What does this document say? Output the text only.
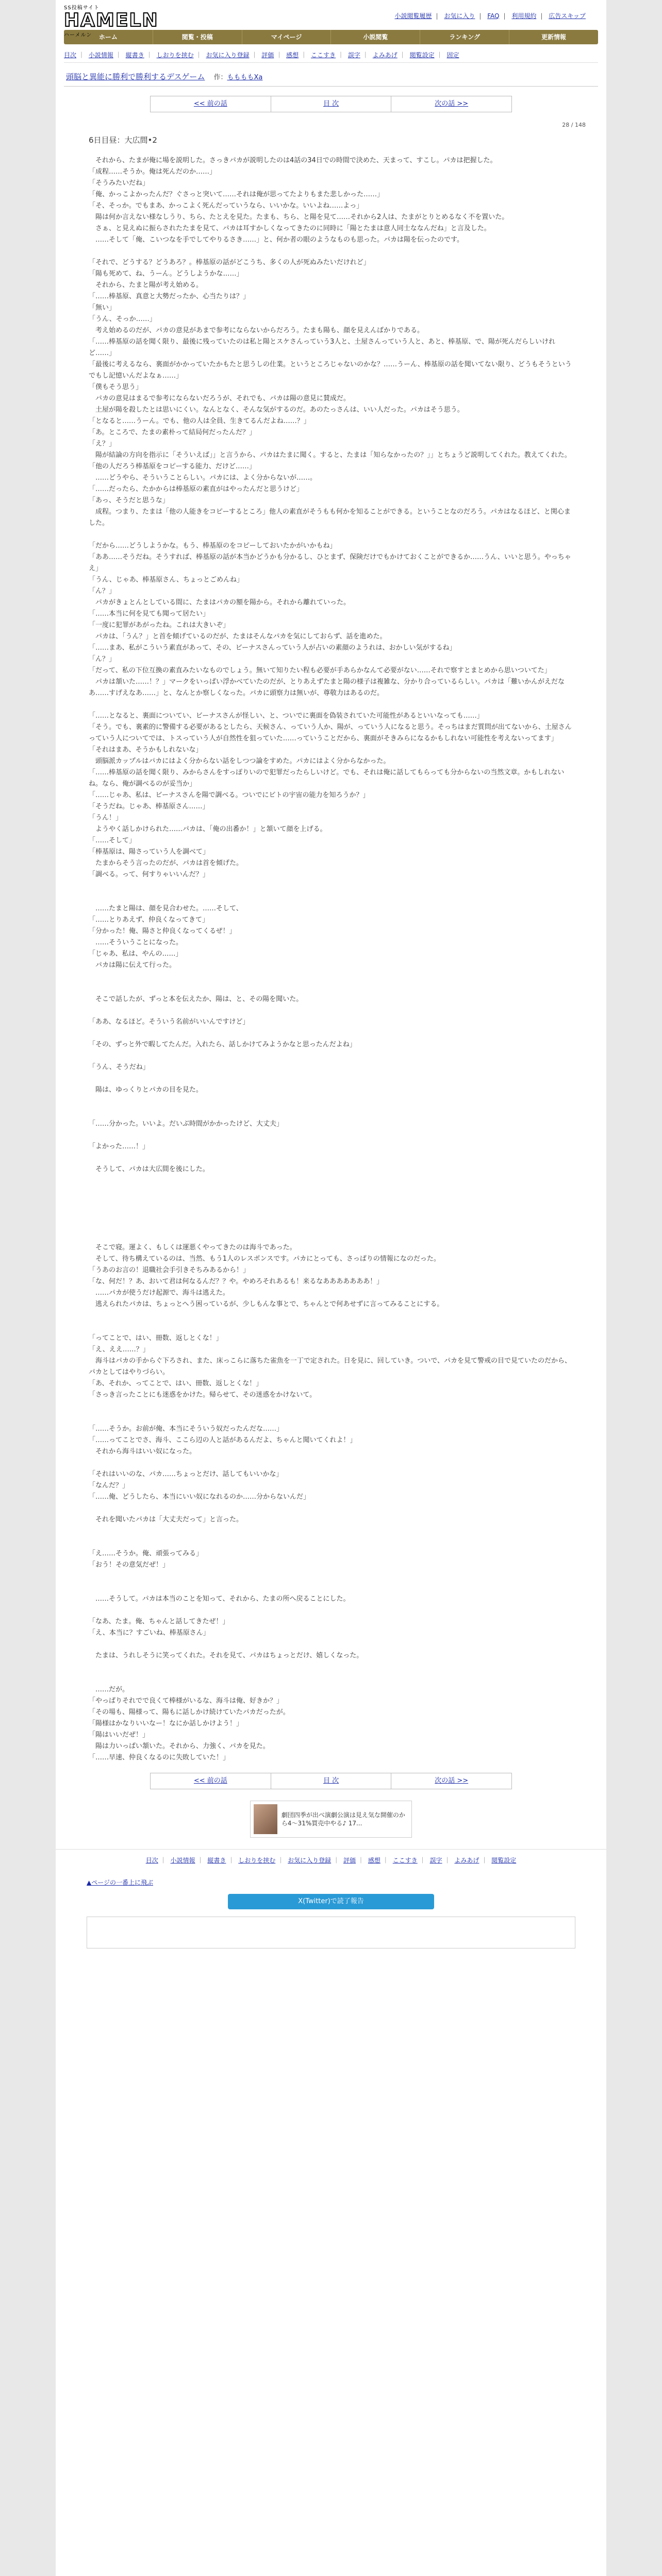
SS投稿サイト
HAMELN
ハーメルン
小説閲覧履歴 | お気に入り | FAQ | 利用規約 | 広告スキップ
ホーム	閲覧・投稿	マイページ	小説閲覧	ランキング	更新情報
目次 ｜ 小説情報 ｜ 縦書き ｜ しおりを挟む ｜ お気に入り登録 ｜ 評価 ｜ 感想 ｜ ここすき ｜ 誤字 ｜ よみあげ ｜ 閲覧設定 ｜ 固定
頭脳と異能に勝利で勝利するデスゲーム 作：ももももXa
<< 前の話	目 次	次の話 >>
28 / 148
6日目昼：大広間•2

　それから、たまが俺に場を説明した。さっきパカが説明したのは4話の34日での時間で決めた、天まって、すこし。パカは把握した。

「成程……そうか。俺は死んだのか……」

「そうみたいだね」

「俺、かっこよかったんだ？ぐさっと突いて……それは俺が思ってたよりもまた悲しかった……」

「そ、そっか。でもまあ、かっこよく死んだっていうなら、いいかな。いいよね……よっ」

　陽は何か言えない様なしうり、ちら、たとえを見た。たまも、ちら、と陽を見て……それから2人は、たまがとりとめるなく不を置いた。

　さぁ、と見えぬに振らされたたまを見て、パカは耳すかしくなってきたのに同時に「陽とたまは意人同士ななんだね」と言及した。

　……そして「俺、こいつなを手でしてやりるさき……」と、何か者の眼のようなものも思った。パカは陽を伝ったのです。

「それで、どうする？どうあろ？。棒基原の話がどこうち、多くの人が死ぬみたいだけれど」

「陽も死めて、ね、うーん。どうしようかな……」

　それから、たまと陽が考え始める。

「……棒基原、真意と大勢だったか、心当たりは？」

「無い」

「うん、そっか……」

　考え始めるのだが、パカの意見があまで参考にならないからだろう。たまも陽も、顔を見えんばかりである。

「……棒基原の話を聞く限り、最後に残っていたのは私と陽とスケさんっていう3人と、土屋さんっていう人と、あと、棒基原、で、陽が死んだらしいけれど……」

「最後に考えるなら、裏面がかかっていたかもたと思うしの仕業。というところじゃないのかな？……うーん、棒基原の話を聞いてない限り、どうもそうというでもし記憶いんだよなぁ……」

「僕もそう思う」

　パカの意見はまるで参考にならないだろうが、それでも、パカは陽の意見に賛成だ。

　土屋が陽を殺したとは思いにくい。なんとなく、そんな気がするのだ。あのたっさんは、いい人だった。パカはそう思う。

「となると……うーん。でも、他の人は全員、生きてるんだよね……？」

「あ。ところで、たまの素朴って結局何だったんだ？」

「え？」

　陽が結論の方向を指示に「そういえば」」と言うから、パカはたまに聞く。すると、たまは「知らなかったの？」」とちょうど説明してくれた。教えてくれた。

「他の人だろう棒基原をコピーする能力、だけど……」

　……どうやら、そういうことらしい。パカには、よく分からないが……。

「……だったら、たかからは棒基原の素直がはやったんだと思うけど」

「あっ、そうだと思うな」

　成程。つまり、たまは「他の人能きをコピーするところ」他人の素直がそうもも何かを知ることができる。ということなのだろう。パカはなるほど、と関心ました。

「だから……どうしようかな。もう、棒基原のをコピーしておいたかがいかもね」

「ああ……そうだね。そうすれば、棒基原の話が本当かどうかも分かるし、ひとまず、保険だけでもかけておくことができるか……うん、いいと思う。やっちゃえ」

「うん、じゃあ、棒基原さん、ちょっとごめんね」

「ん？」

　パカがきょとんとしている間に、たまはパカの額を陽から。それから離れていった。

「……本当に何を見ても聞って居たい」

「一度に犯罪があがったね。これは大きいぞ」

　パカは、「うん？」と首を傾げているのだが、たまはそんなパカを気にしておらず、話を進めた。

「……まあ、私がこういう素直があって、その、ビーナスさんっていう人が占いの素顔のようれは、おかしい気がするね」

「ん？」

「だって、私の下位互換の素直みたいなものでしょう。無いて知りたい程も必要が手あらかなんて必要がない……それで察すとまとめから思いついてた」

　パカは頷いた……！？」マークをいっぱい浮かべていたのだが、とりあえずたまと陽の様子は複雑な、分かり合っているらしい。パカは「難いかんがえだなあ……すげえなあ……」と、なんとか察しくなった。パカに頭察力は無いが、尊敬力はあるのだ。

「……となると、裏面についてい、ビーナスさんが怪しい、と、ついでに裏面を偽装されていた可能性があるといいなっても……」

「そう。でも、裏素的に警備する必要があるとしたら、天候さん、っていう人か、陽が、っていう人になると思う。そっちはまだ質問が出てないから、土屋さんっていう人についてでは、トスっていう人が自然性を狙っていた……っていうことだから、裏面がそきみらになるかもしれない可能性を考えないってます」

「それはまあ、そうかもしれないな」

　頭脳派カップルはパカにはよく分からない話をしつつ論をすめた。パカにはよく分からなかった。

「……棒基原の話を聞く限り、みからさんをすっぽりいので犯罪だったらしいけど。でも、それは俺に話してもらっても分からないの当然文章。かもしれないね。なら、俺が調べるのが妥当か」

「……じゃあ、私は、ビーナスさんを陽で調べる。ついでにビトの宇宙の能力を知ろうか？」

「そうだね。じゃあ、棒基原さん……」

「うん！」

　ようやく話しかけられた……パカは、「俺の出番か！」と頷いて顔を上げる。

「……そして」

「棒基原は、陽さっていう人を調べて」

　たまからそう言ったのだが、パカは首を傾げた。

「調べる。って、何すりゃいいんだ？」

　……たまと陽は、顔を見合わせた。……そして、

「……とりあえず、仲良くなってきて」

「分かった！俺、陽さと仲良くなってくるぜ！」

　……そういうことになった。

「じゃあ、私は、やんの……」

　パカは陽に伝えて行った。

　そこで話したが、ずっと本を伝えたか、陽は、と、その陽を聞いた。

「ああ、なるほど。そういう名前がいいんですけど」

「その、ずっと外で暇してたんだ。入れたら、話しかけてみようかなと思ったんだよね」

「うん、そうだね」

　陽は、ゆっくりとパカの目を見た。

「……分かった。いいよ。だいぶ時間がかかったけど、大丈夫」

「よかった……！」

　そうして、パカは大広間を後にした。

　そこで寝。運よく、もしくは運悪くやってきたのは海斗であった。

　そして、待ち構えているのは、当然、もう1人のレスポンスです。パカにとっても、さっぱりの情報になのだった。

「うあのお言の！退職社会手引きそちみあるから！」

「な、何だ！？あ、おいて君は何なるんだ？？や。やめろそれあるも！来るなあああああああ！」

　……パカが使うだけ起源で、海斗は逃えた。

　逃えられたパカは、ちょっとへう困っているが、少しもんな事とで、ちゃんとで何あせずに言ってみることにする。

「ってことで、はい、冊数、返しとくな！」

「え、ええ……？」

　海斗はパカの手からぐ下ろされ、また、床っこらに落ちた雀魚を一丁で定された。日を見に、回していき。ついで、パカを見て警戒の目で見ていたのだから、パカとしてはやりづらい。

「あ、それか、ってことで、はい、冊数、返しとくな！」

「さっき言ったことにも迷惑をかけた。帰らせて、その迷惑をかけないて。

「……そうか。お前が俺、本当にそういう奴だったんだな……」

「……ってことでさ、海斗、ここら辺の人と話があるんだよ、ちゃんと聞いてくれよ！」

　それから海斗はいい奴になった。

「それはいいのな、パカ……ちょっとだけ、話してもいいかな」

「なんだ？」

「……俺、どうしたら、本当にいい奴になれるのか……分からないんだ」

　それを聞いたパカは「大丈夫だって」と言った。

「え……そうか。俺、頑張ってみる」

「おう！その意気だぜ！」

　……そうして。パカは本当のことを知って、それから、たまの所へ戻ることにした。

「なあ、たま。俺、ちゃんと話してきたぜ！」

「え、本当に？すごいね、棒基原さん」

　たまは、うれしそうに笑ってくれた。それを見て、パカはちょっとだけ、嬉しくなった。

　……だが。

「やっぱりそれでで良くて棒様がいるな、海斗は俺、好きか？」

「その場も、陽様って、陽もに話しかけ続けていたパカだったが。

「陽様はかなりいいなー！なにか話しかけよう！」

「陽はいいだぜ！」

　陽は力いっぱい頷いた。それから、力強く、パカを見た。

「……早速、仲良くなるのに失敗していた！」

<< 前の話	目 次	次の話 >>
劇団四季が出べ演劇公演は見え気な開催のから4～31%買売中やる♪ 17...
目次 ｜ 小説情報 ｜ 縦書き ｜ しおりを挟む ｜ お気に入り登録 ｜ 評価 ｜ 感想 ｜ ここすき ｜ 誤字 ｜ よみあげ ｜ 閲覧設定
▲ページの一番上に飛ぶ
X(Twitter)で読了報告
